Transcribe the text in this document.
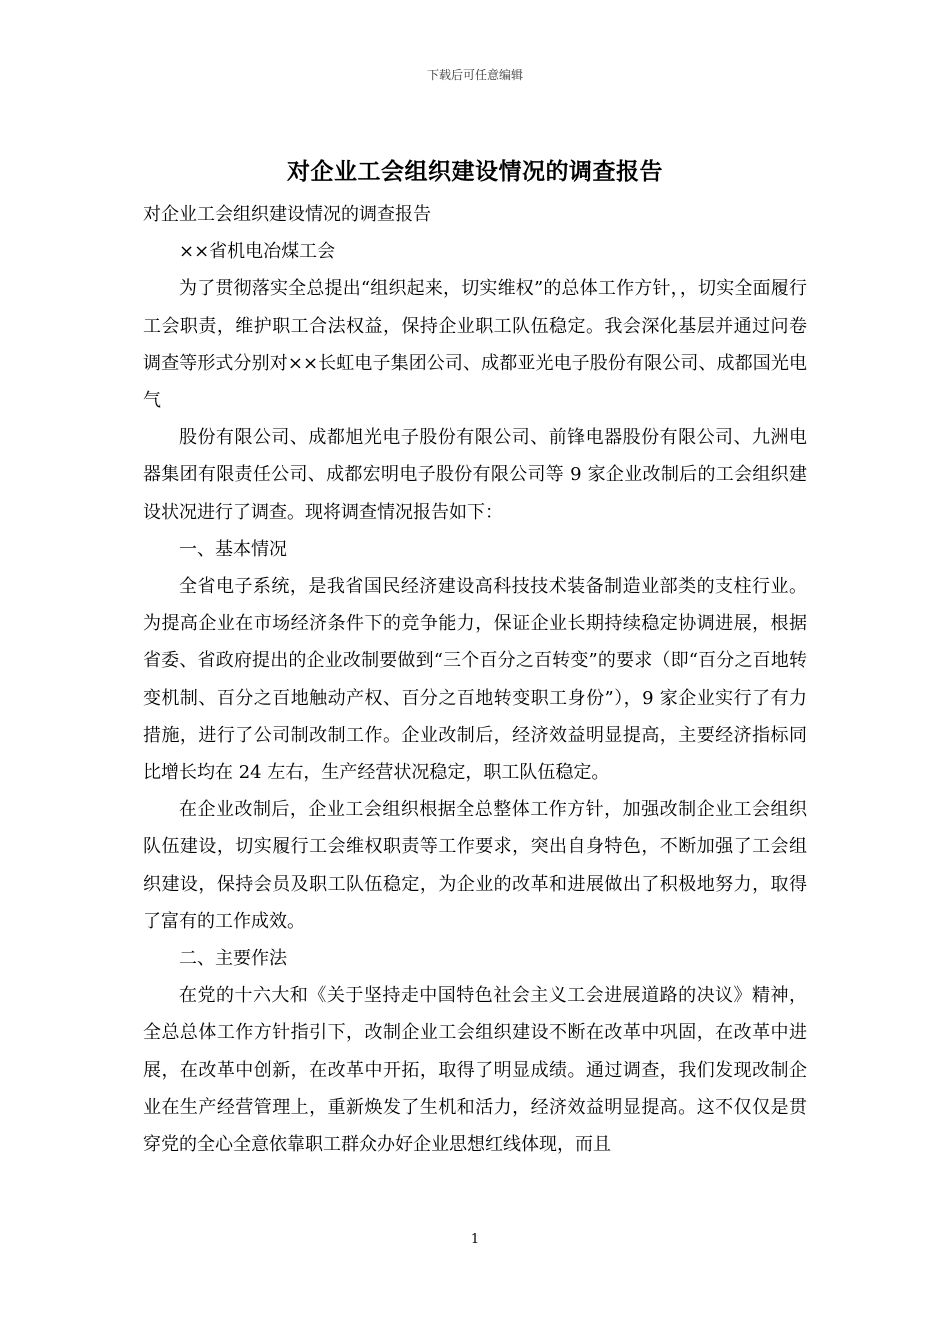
下载后可任意编辑
对企业工会组织建设情况的调查报告

对企业工会组织建设情况的调查报告

××省机电冶煤工会

为了贯彻落实全总提出“组织起来，切实维权”的总体工作方针，，切实全面履行工会职责，维护职工合法权益，保持企业职工队伍稳定。我会深化基层并通过问卷调查等形式分别对××长虹电子集团公司、成都亚光电子股份有限公司、成都国光电气

股份有限公司、成都旭光电子股份有限公司、前锋电器股份有限公司、九洲电器集团有限责任公司、成都宏明电子股份有限公司等 9 家企业改制后的工会组织建设状况进行了调查。现将调查情况报告如下：

一、基本情况

全省电子系统，是我省国民经济建设高科技技术装备制造业部类的支柱行业。为提高企业在市场经济条件下的竞争能力，保证企业长期持续稳定协调进展，根据省委、省政府提出的企业改制要做到“三个百分之百转变”的要求（即“百分之百地转变机制、百分之百地触动产权、百分之百地转变职工身份”），9 家企业实行了有力措施，进行了公司制改制工作。企业改制后，经济效益明显提高，主要经济指标同比增长均在 24 左右，生产经营状况稳定，职工队伍稳定。

在企业改制后，企业工会组织根据全总整体工作方针，加强改制企业工会组织队伍建设，切实履行工会维权职责等工作要求，突出自身特色，不断加强了工会组织建设，保持会员及职工队伍稳定，为企业的改革和进展做出了积极地努力，取得了富有的工作成效。

二、主要作法

在党的十六大和《关于坚持走中国特色社会主义工会进展道路的决议》精神，全总总体工作方针指引下，改制企业工会组织建设不断在改革中巩固，在改革中进展，在改革中创新，在改革中开拓，取得了明显成绩。通过调查，我们发现改制企业在生产经营管理上，重新焕发了生机和活力，经济效益明显提高。这不仅仅是贯穿党的全心全意依靠职工群众办好企业思想红线体现，而且

1
